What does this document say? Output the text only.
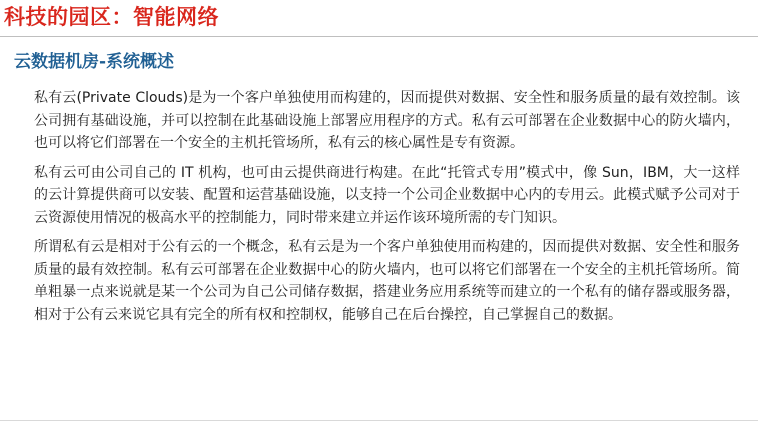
科技的园区：智能网络
云数据机房-系统概述

私有云(Private Clouds)是为一个客户单独使用而构建的，因而提供对数据、安全性和服务质量的最有效控制。该公司拥有基础设施，并可以控制在此基础设施上部署应用程序的方式。私有云可部署在企业数据中心的防火墙内，也可以将它们部署在一个安全的主机托管场所，私有云的核心属性是专有资源。

私有云可由公司自己的 IT 机构，也可由云提供商进行构建。在此“托管式专用”模式中，像 Sun，IBM，大一这样的云计算提供商可以安装、配置和运营基础设施，以支持一个公司企业数据中心内的专用云。此模式赋予公司对于云资源使用情况的极高水平的控制能力，同时带来建立并运作该环境所需的专门知识。

所谓私有云是相对于公有云的一个概念，私有云是为一个客户单独使用而构建的，因而提供对数据、安全性和服务质量的最有效控制。私有云可部署在企业数据中心的防火墙内，也可以将它们部署在一个安全的主机托管场所。简单粗暴一点来说就是某一个公司为自己公司储存数据，搭建业务应用系统等而建立的一个私有的储存器或服务器，相对于公有云来说它具有完全的所有权和控制权，能够自己在后台操控，自己掌握自己的数据。
